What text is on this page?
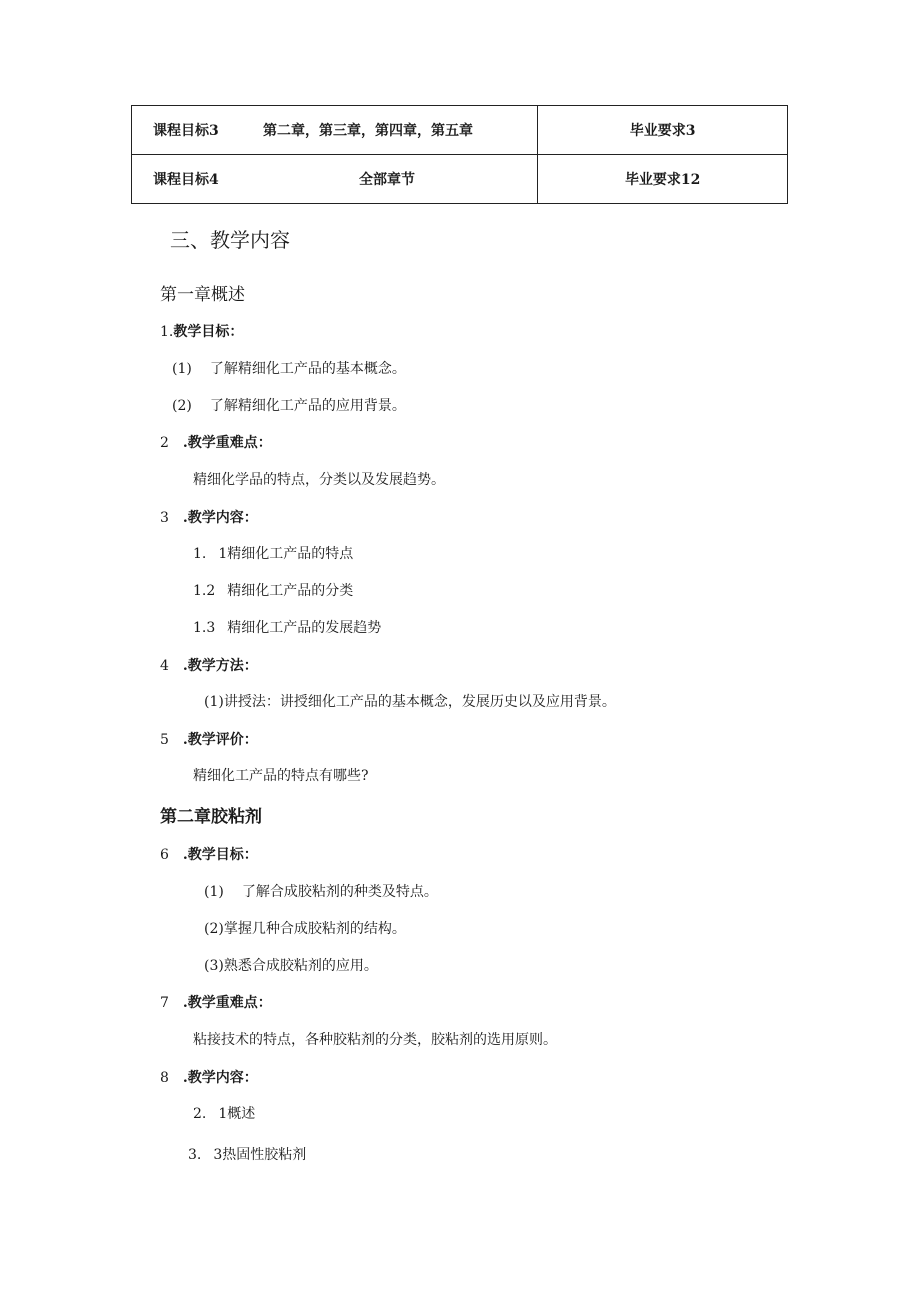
课程目标3 第二章，第三章，第四章，第五章	毕业要求3

课程目标4 全部章节	毕业要求12
三、教学内容
第一章概述
1.教学目标：
(1) 了解精细化工产品的基本概念。
(2) 了解精细化工产品的应用背景。
2 .教学重难点：
精细化学品的特点，分类以及发展趋势。
3 .教学内容：
1. 1精细化工产品的特点
1.2 精细化工产品的分类
1.3 精细化工产品的发展趋势
4 .教学方法：
(1)讲授法：讲授细化工产品的基本概念，发展历史以及应用背景。
5 .教学评价：
精细化工产品的特点有哪些?
第二章胶粘剂
6 .教学目标：
(1) 了解合成胶粘剂的种类及特点。
(2)掌握几种合成胶粘剂的结构。
(3)熟悉合成胶粘剂的应用。
7 .教学重难点：
粘接技术的特点，各种胶粘剂的分类，胶粘剂的选用原则。
8 .教学内容：
2. 1概述
3. 3热固性胶粘剂
